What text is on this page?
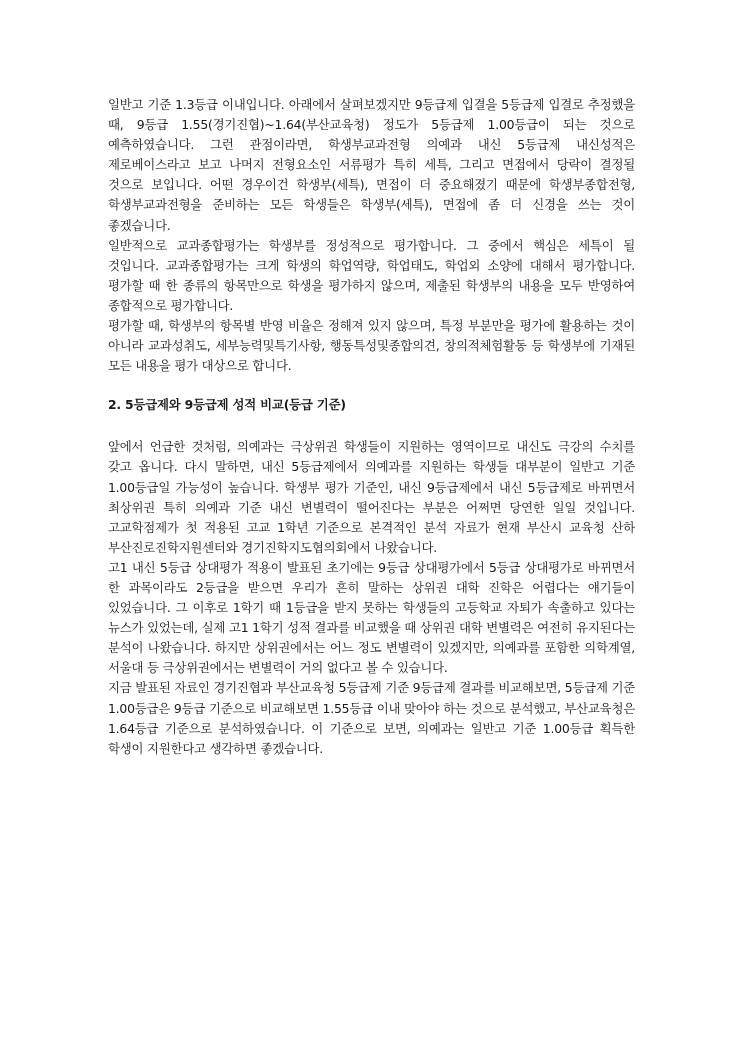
일반고 기준 1.3등급 이내입니다. 아래에서 살펴보겠지만 9등급제 입결을 5등급제 입결로 추정했을 때, 9등급 1.55(경기진협)~1.64(부산교육청) 정도가 5등급제 1.00등급이 되는 것으로 예측하였습니다. 그런 관점이라면, 학생부교과전형 의예과 내신 5등급제 내신성적은 제로베이스라고 보고 나머지 전형요소인 서류평가 특히 세특, 그리고 면접에서 당락이 결정될 것으로 보입니다. 어떤 경우이건 학생부(세특), 면접이 더 중요해졌기 때문에 학생부종합전형, 학생부교과전형을 준비하는 모든 학생들은 학생부(세특), 면접에 좀 더 신경을 쓰는 것이 좋겠습니다.

일반적으로 교과종합평가는 학생부를 정성적으로 평가합니다. 그 중에서 핵심은 세특이 될 것입니다. 교과종합평가는 크게 학생의 학업역량, 학업태도, 학업외 소양에 대해서 평가합니다. 평가할 때 한 종류의 항목만으로 학생을 평가하지 않으며, 제출된 학생부의 내용을 모두 반영하여 종합적으로 평가합니다.

평가할 때, 학생부의 항목별 반영 비율은 정해져 있지 않으며, 특정 부분만을 평가에 활용하는 것이 아니라 교과성취도, 세부능력및특기사항, 행동특성및종합의견, 창의적체험활동 등 학생부에 기재된 모든 내용을 평가 대상으로 합니다.

2. 5등급제와 9등급제 성적 비교(등급 기준)

앞에서 언급한 것처럼, 의예과는 극상위권 학생들이 지원하는 영역이므로 내신도 극강의 수치를 갖고 옵니다. 다시 말하면, 내신 5등급제에서 의예과를 지원하는 학생들 대부분이 일반고 기준 1.00등급일 가능성이 높습니다. 학생부 평가 기준인, 내신 9등급제에서 내신 5등급제로 바뀌면서 최상위권 특히 의예과 기준 내신 변별력이 떨어진다는 부분은 어쩌면 당연한 일일 것입니다. 고교학점제가 첫 적용된 고교 1학년 기준으로 본격적인 분석 자료가 현재 부산시 교육청 산하 부산진로진학지원센터와 경기진학지도협의회에서 나왔습니다.

고1 내신 5등급 상대평가 적용이 발표된 초기에는 9등급 상대평가에서 5등급 상대평가로 바뀌면서 한 과목이라도 2등급을 받으면 우리가 흔히 말하는 상위권 대학 진학은 어렵다는 얘기들이 있었습니다. 그 이후로 1학기 때 1등급을 받지 못하는 학생들의 고등학교 자퇴가 속출하고 있다는 뉴스가 있었는데, 실제 고1 1학기 성적 결과를 비교했을 때 상위권 대학 변별력은 여전히 유지된다는 분석이 나왔습니다. 하지만 상위권에서는 어느 정도 변별력이 있겠지만, 의예과를 포함한 의학계열, 서울대 등 극상위권에서는 변별력이 거의 없다고 볼 수 있습니다.

지금 발표된 자료인 경기진협과 부산교육청 5등급제 기준 9등급제 결과를 비교해보면, 5등급제 기준 1.00등급은 9등급 기준으로 비교해보면 1.55등급 이내 맞아야 하는 것으로 분석했고, 부산교육청은 1.64등급 기준으로 분석하였습니다. 이 기준으로 보면, 의예과는 일반고 기준 1.00등급 획득한 학생이 지원한다고 생각하면 좋겠습니다.
